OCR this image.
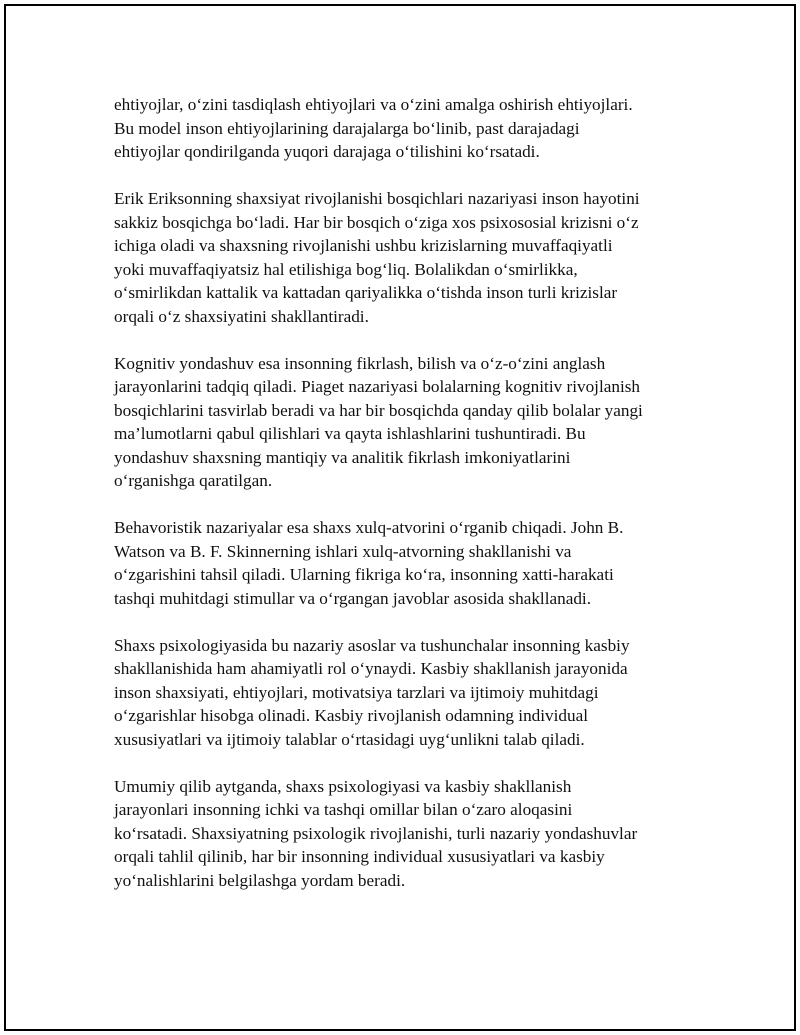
ehtiyojlar, o‘zini tasdiqlash ehtiyojlari va o‘zini amalga oshirish ehtiyojlari.
Bu model inson ehtiyojlarining darajalarga bo‘linib, past darajadagi
ehtiyojlar qondirilganda yuqori darajaga o‘tilishini ko‘rsatadi.

Erik Eriksonning shaxsiyat rivojlanishi bosqichlari nazariyasi inson hayotini
sakkiz bosqichga bo‘ladi. Har bir bosqich o‘ziga xos psixososial krizisni o‘z
ichiga oladi va shaxsning rivojlanishi ushbu krizislarning muvaffaqiyatli
yoki muvaffaqiyatsiz hal etilishiga bog‘liq. Bolalikdan o‘smirlikka,
o‘smirlikdan kattalik va kattadan qariyalikka o‘tishda inson turli krizislar
orqali o‘z shaxsiyatini shakllantiradi.

Kognitiv yondashuv esa insonning fikrlash, bilish va o‘z-o‘zini anglash
jarayonlarini tadqiq qiladi. Piaget nazariyasi bolalarning kognitiv rivojlanish
bosqichlarini tasvirlab beradi va har bir bosqichda qanday qilib bolalar yangi
ma’lumotlarni qabul qilishlari va qayta ishlashlarini tushuntiradi. Bu
yondashuv shaxsning mantiqiy va analitik fikrlash imkoniyatlarini
o‘rganishga qaratilgan.

Behavoristik nazariyalar esa shaxs xulq-atvorini o‘rganib chiqadi. John B.
Watson va B. F. Skinnerning ishlari xulq-atvorning shakllanishi va
o‘zgarishini tahsil qiladi. Ularning fikriga ko‘ra, insonning xatti-harakati
tashqi muhitdagi stimullar va o‘rgangan javoblar asosida shakllanadi.

Shaxs psixologiyasida bu nazariy asoslar va tushunchalar insonning kasbiy
shakllanishida ham ahamiyatli rol o‘ynaydi. Kasbiy shakllanish jarayonida
inson shaxsiyati, ehtiyojlari, motivatsiya tarzlari va ijtimoiy muhitdagi
o‘zgarishlar hisobga olinadi. Kasbiy rivojlanish odamning individual
xususiyatlari va ijtimoiy talablar o‘rtasidagi uyg‘unlikni talab qiladi.

Umumiy qilib aytganda, shaxs psixologiyasi va kasbiy shakllanish
jarayonlari insonning ichki va tashqi omillar bilan o‘zaro aloqasini
ko‘rsatadi. Shaxsiyatning psixologik rivojlanishi, turli nazariy yondashuvlar
orqali tahlil qilinib, har bir insonning individual xususiyatlari va kasbiy
yo‘nalishlarini belgilashga yordam beradi.
